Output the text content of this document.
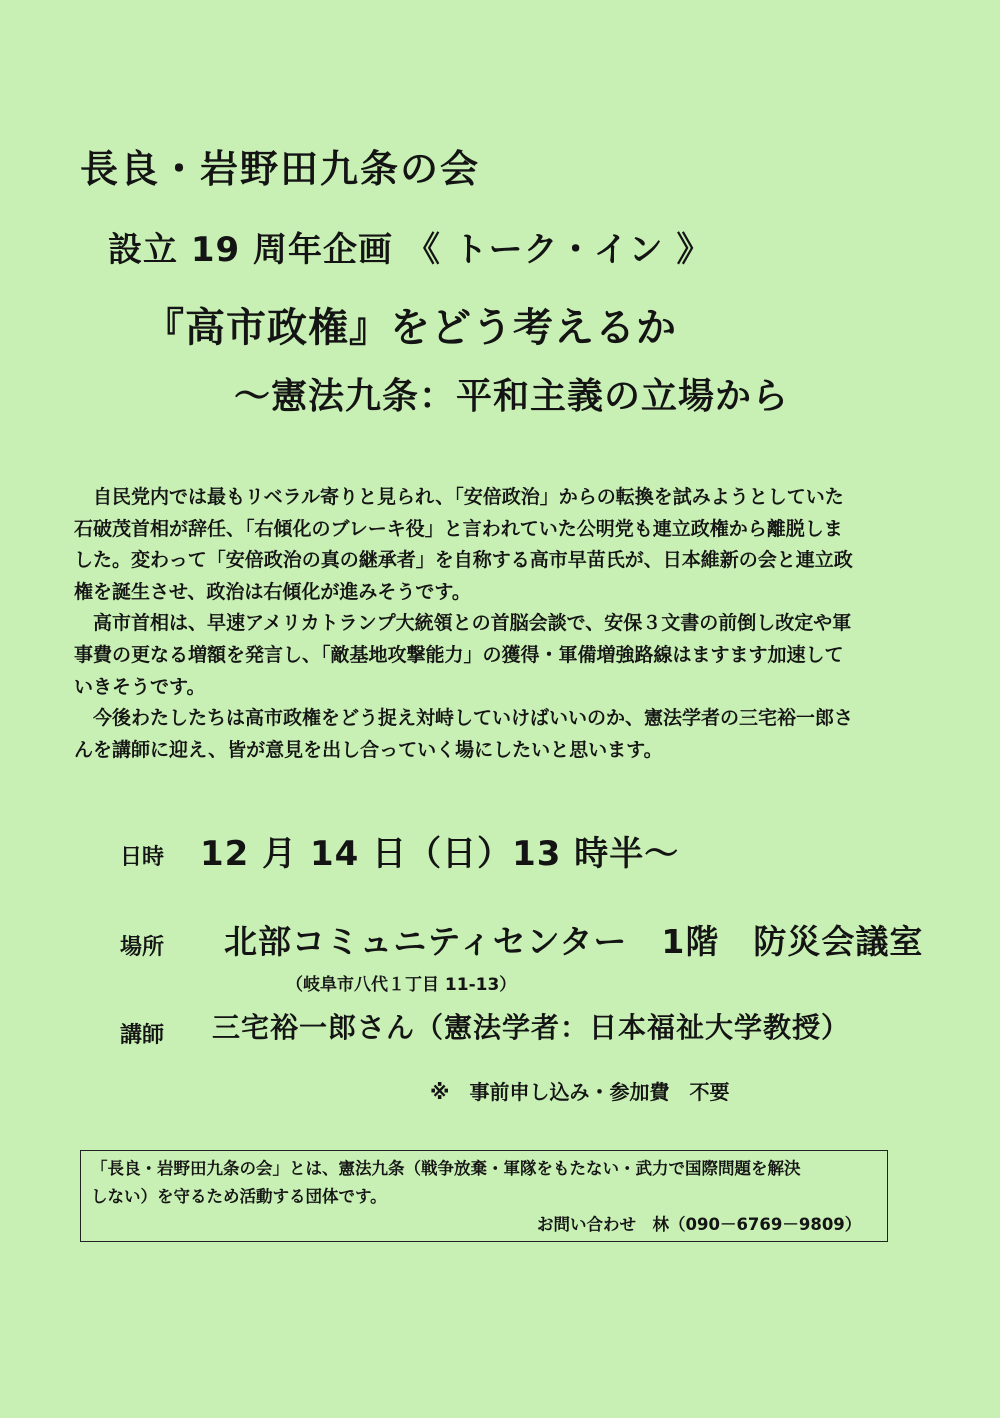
長良・岩野田九条の会
設立 19 周年企画 《 トーク・イン 》
『高市政権』をどう考えるか
～憲法九条：平和主義の立場から
　自民党内では最もリベラル寄りと見られ、「安倍政治」からの転換を試みようとしていた
石破茂首相が辞任、「右傾化のブレーキ役」と言われていた公明党も連立政権から離脱しま
した。変わって「安倍政治の真の継承者」を自称する高市早苗氏が、日本維新の会と連立政
権を誕生させ、政治は右傾化が進みそうです。
　高市首相は、早速アメリカトランプ大統領との首脳会談で、安保３文書の前倒し改定や軍
事費の更なる増額を発言し、「敵基地攻撃能力」の獲得・軍備増強路線はますます加速して
いきそうです。
　今後わたしたちは高市政権をどう捉え対峙していけばいいのか、憲法学者の三宅裕一郎さ
んを講師に迎え、皆が意見を出し合っていく場にしたいと思います。
日時 12 月 14 日（日）13 時半～
場所 北部コミュニティセンター　1階　防災会議室
（岐阜市八代１丁目 11-13）
講師 三宅裕一郎さん（憲法学者：日本福祉大学教授）
※　事前申し込み・参加費　不要
「長良・岩野田九条の会」とは、憲法九条（戦争放棄・軍隊をもたない・武力で国際問題を解決
しない）を守るため活動する団体です。
お問い合わせ　林（090－6769－9809）
